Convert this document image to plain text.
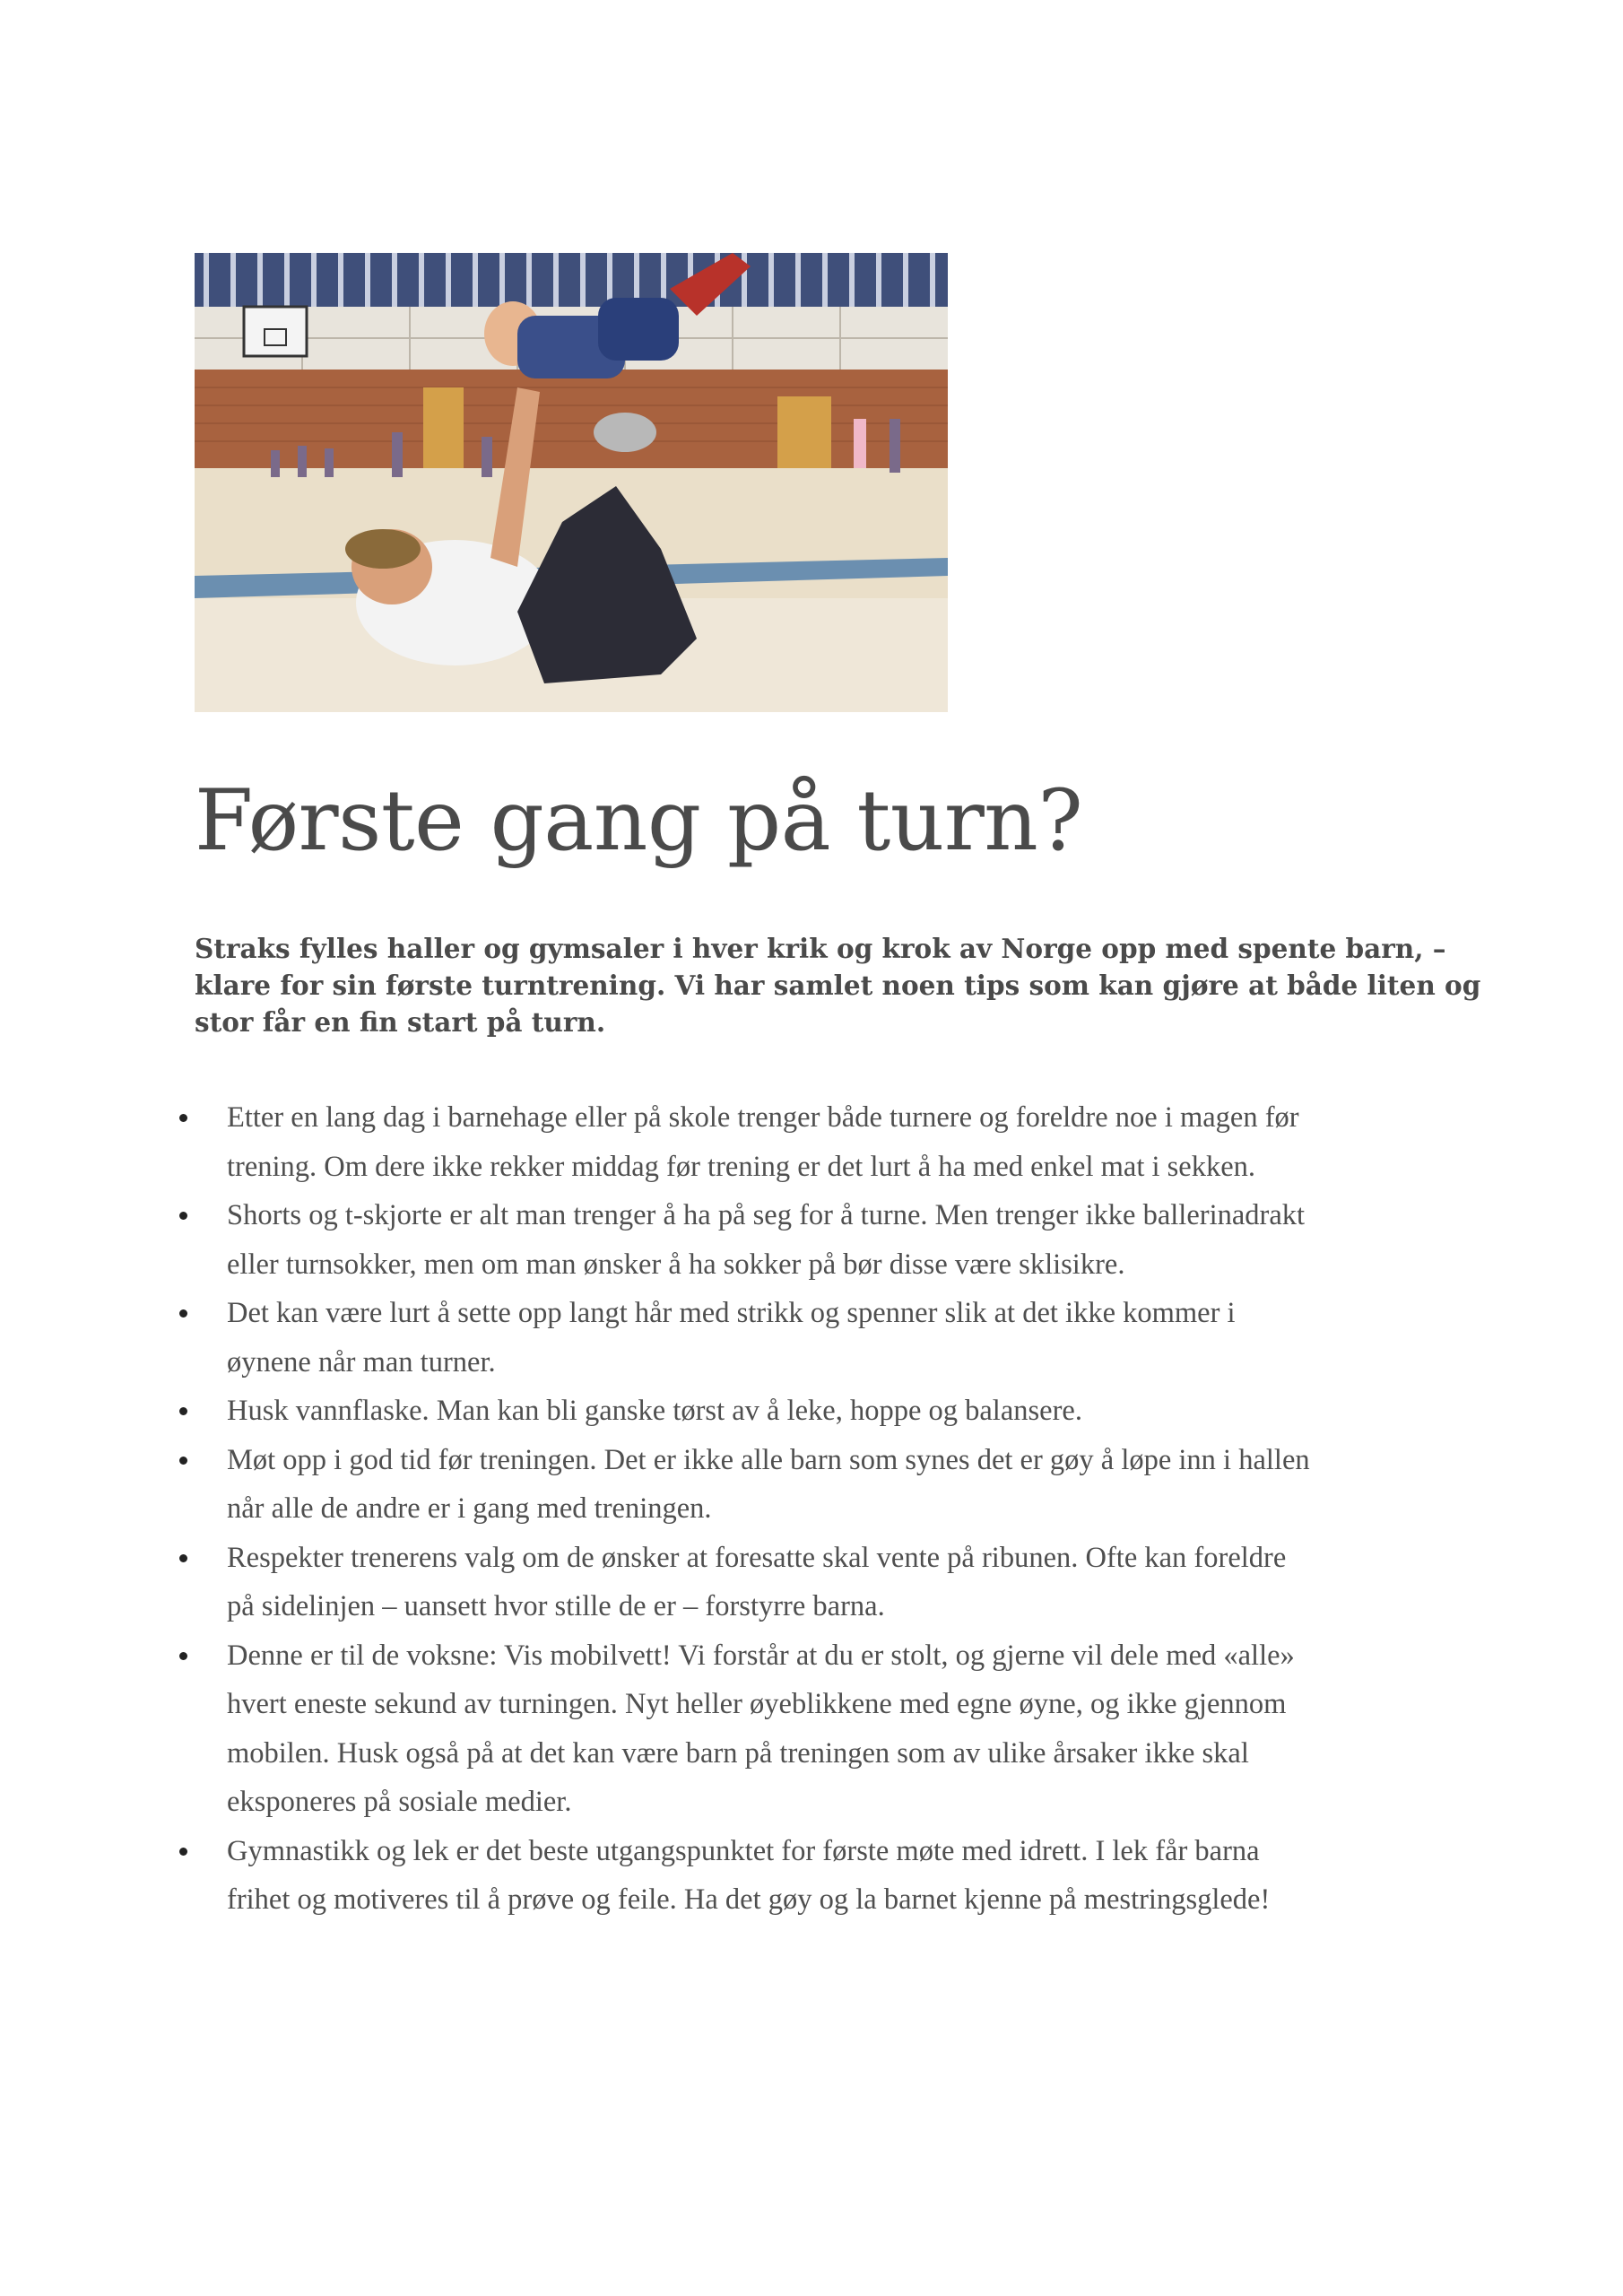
Første gang på turn?

Straks fylles haller og gymsaler i hver krik og krok av Norge opp med spente barn, –
klare for sin første turntrening. Vi har samlet noen tips som kan gjøre at både liten og
stor får en fin start på turn.

Etter en lang dag i barnehage eller på skole trenger både turnere og foreldre noe i magen før
trening. Om dere ikke rekker middag før trening er det lurt å ha med enkel mat i sekken.
Shorts og t-skjorte er alt man trenger å ha på seg for å turne. Men trenger ikke ballerinadrakt
eller turnsokker, men om man ønsker å ha sokker på bør disse være sklisikre.
Det kan være lurt å sette opp langt hår med strikk og spenner slik at det ikke kommer i
øynene når man turner.
Husk vannflaske. Man kan bli ganske tørst av å leke, hoppe og balansere.
Møt opp i god tid før treningen. Det er ikke alle barn som synes det er gøy å løpe inn i hallen
når alle de andre er i gang med treningen.
Respekter trenerens valg om de ønsker at foresatte skal vente på ribunen. Ofte kan foreldre
på sidelinjen – uansett hvor stille de er – forstyrre barna.
Denne er til de voksne: Vis mobilvett! Vi forstår at du er stolt, og gjerne vil dele med «alle»
hvert eneste sekund av turningen. Nyt heller øyeblikkene med egne øyne, og ikke gjennom
mobilen. Husk også på at det kan være barn på treningen som av ulike årsaker ikke skal
eksponeres på sosiale medier.
Gymnastikk og lek er det beste utgangspunktet for første møte med idrett. I lek får barna
frihet og motiveres til å prøve og feile. Ha det gøy og la barnet kjenne på mestringsglede!
